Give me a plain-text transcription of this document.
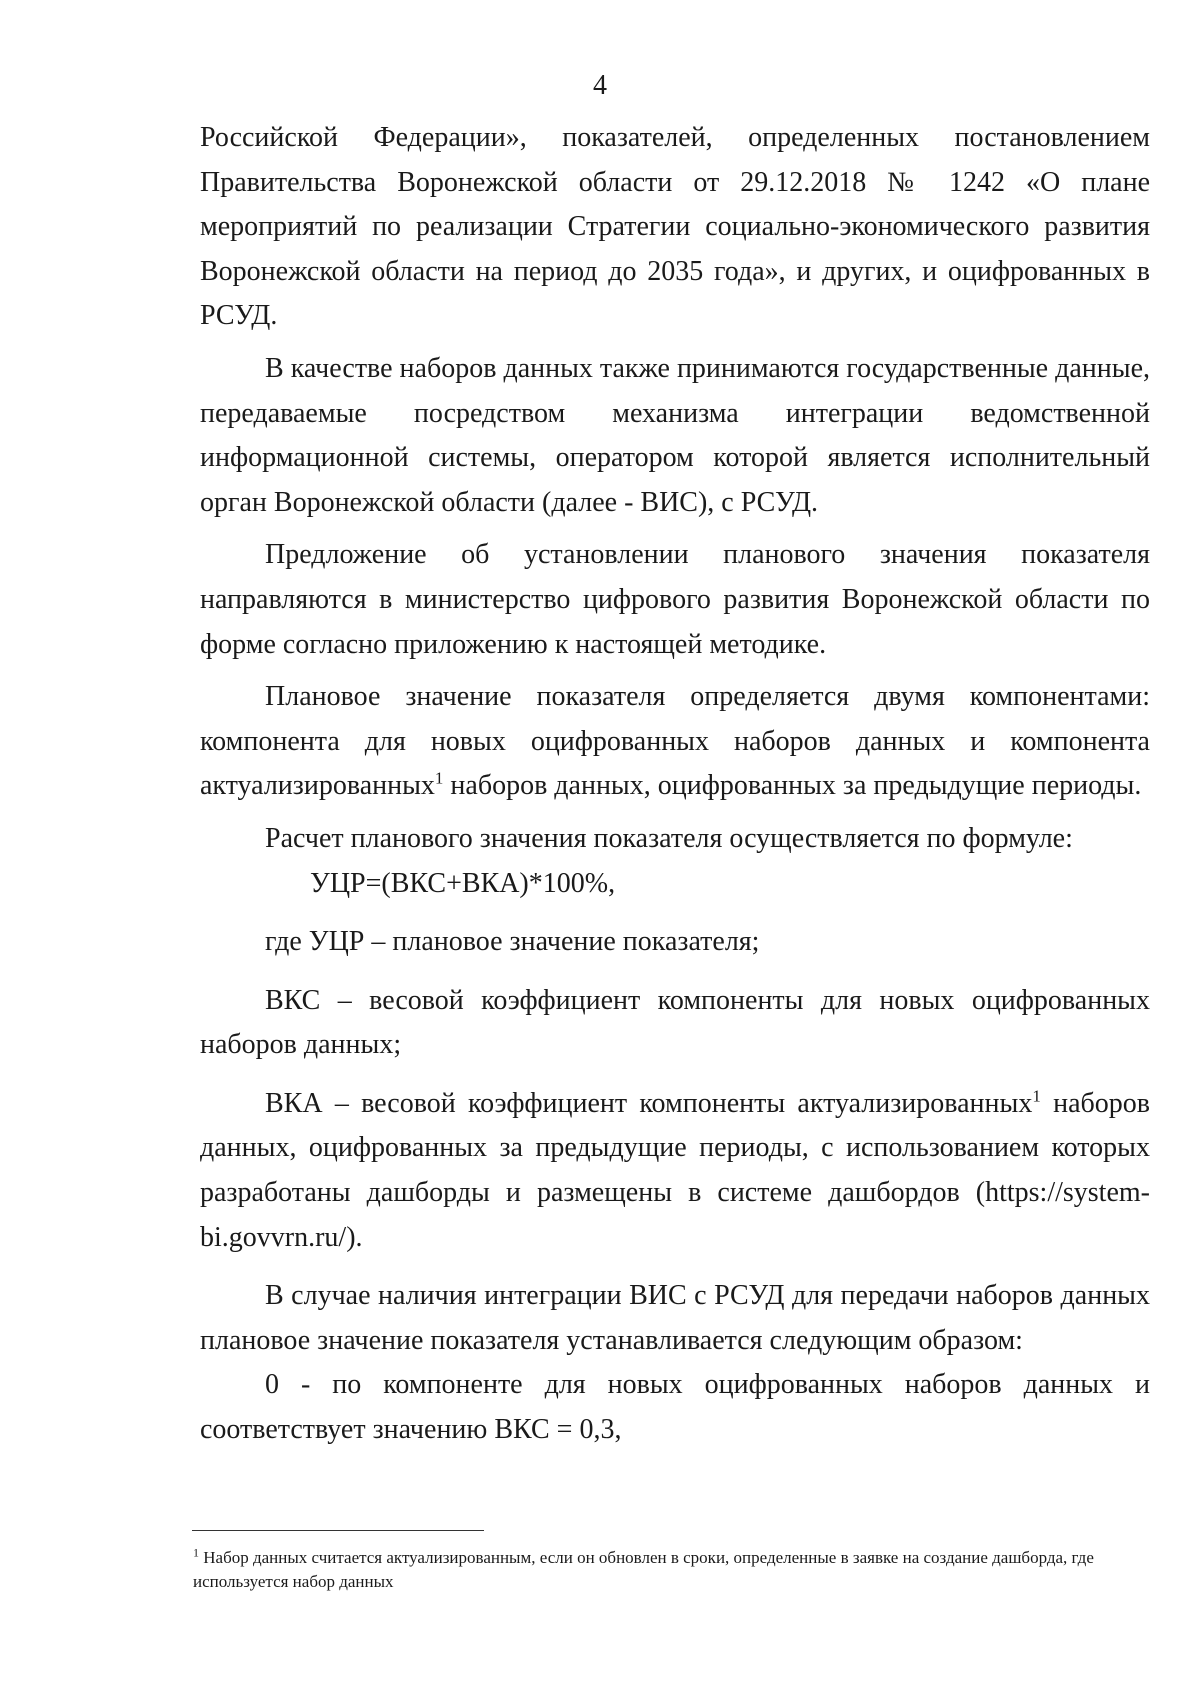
4

Российской Федерации», показателей, определенных постановлением Правительства Воронежской области от 29.12.2018 № 1242 «О плане мероприятий по реализации Стратегии социально-экономического развития Воронежской области на период до 2035 года», и других, и оцифрованных в РСУД.

В качестве наборов данных также принимаются государственные данные, передаваемые посредством механизма интеграции ведомственной информационной системы, оператором которой является исполнительный орган Воронежской области (далее - ВИС), с РСУД.

Предложение об установлении планового значения показателя направляются в министерство цифрового развития Воронежской области по форме согласно приложению к настоящей методике.

Плановое значение показателя определяется двумя компонентами: компонента для новых оцифрованных наборов данных и компонента актуализированных$^1$ наборов данных, оцифрованных за предыдущие периоды.

Расчет планового значения показателя осуществляется по формуле:

УЦР=(ВКС+ВКА)*100%,

где УЦР – плановое значение показателя;

ВКС – весовой коэффициент компоненты для новых оцифрованных наборов данных;

ВКА – весовой коэффициент компоненты актуализированных$^1$ наборов данных, оцифрованных за предыдущие периоды, с использованием которых разработаны дашборды и размещены в системе дашбордов (https://system-bi.govvrn.ru/).

В случае наличия интеграции ВИС с РСУД для передачи наборов данных плановое значение показателя устанавливается следующим образом:

0 - по компоненте для новых оцифрованных наборов данных и соответствует значению ВКС = 0,3,

$^1$ Набор данных считается актуализированным, если он обновлен в сроки, определенные в заявке на создание дашборда, где используется набор данных
